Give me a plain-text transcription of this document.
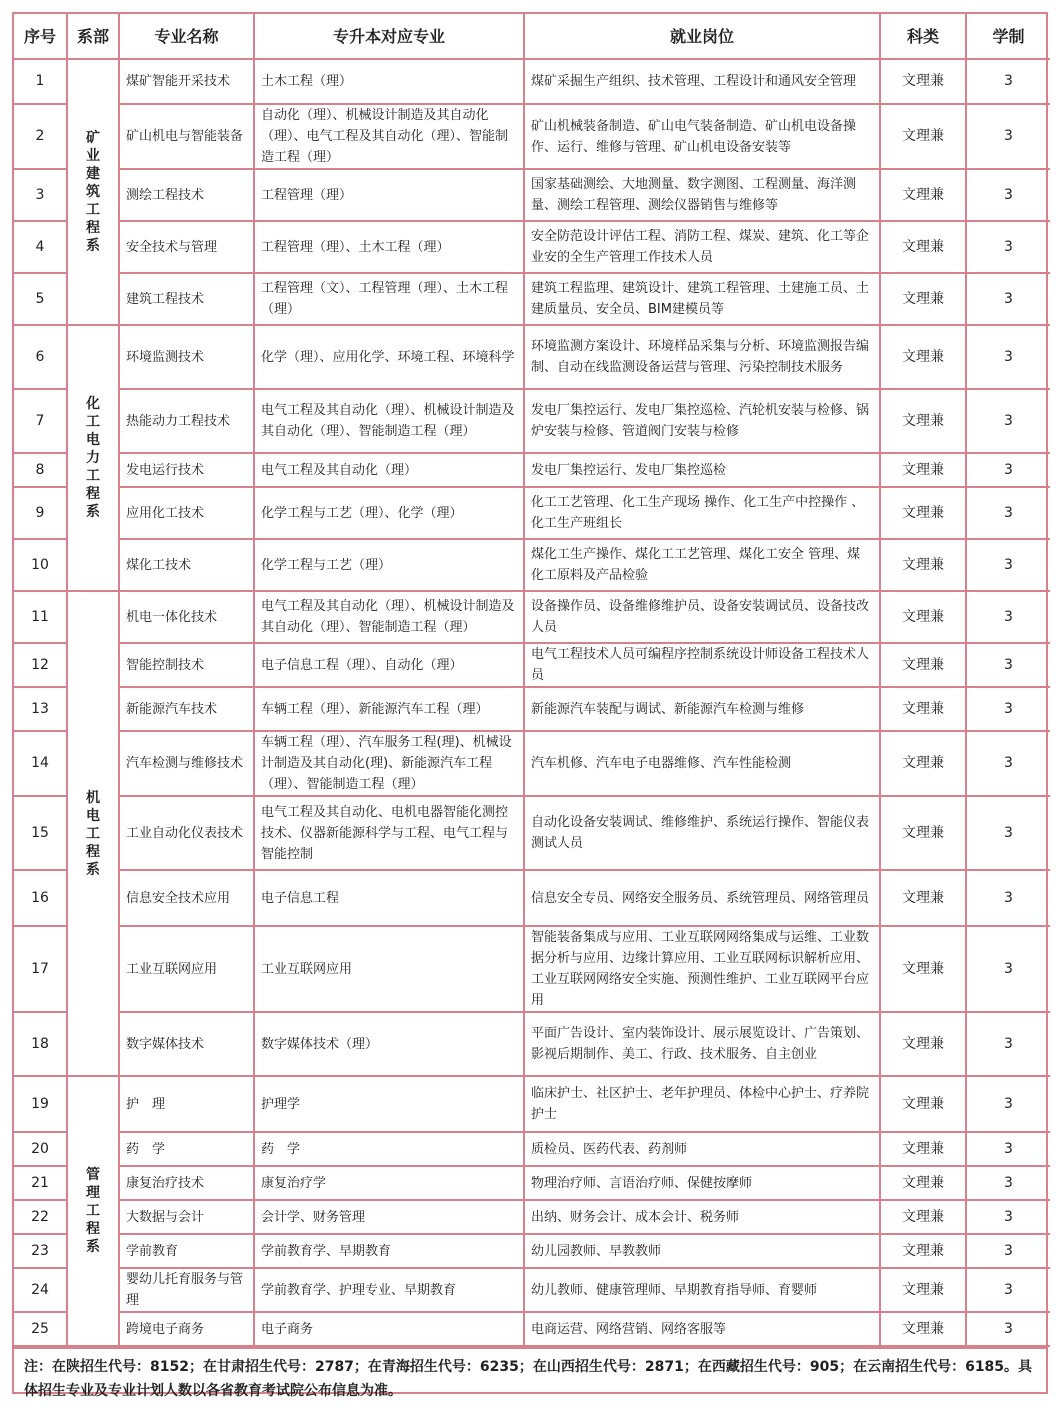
序号	系部	专业名称	专升本对应专业	就业岗位	科类	学制
1	矿业建筑工程系	煤矿智能开采技术	土木工程（理）	煤矿采掘生产组织、技术管理、工程设计和通风安全管理	文理兼	3
2		矿山机电与智能装备	自动化（理）、机械设计制造及其自动化（理）、电气工程及其自动化（理）、智能制造工程（理）	矿山机械装备制造、矿山电气装备制造、矿山机电设备操作、运行、维修与管理、矿山机电设备安装等	文理兼	3
3		测绘工程技术	工程管理（理）	国家基础测绘、大地测量、数字测图、工程测量、海洋测量、测绘工程管理、测绘仪器销售与维修等	文理兼	3
4		安全技术与管理	工程管理（理）、土木工程（理）	安全防范设计评估工程、消防工程、煤炭、建筑、化工等企业安的全生产管理工作技术人员	文理兼	3
5		建筑工程技术	工程管理（文）、工程管理（理）、土木工程（理）	建筑工程监理、建筑设计、建筑工程管理、土建施工员、土建质量员、安全员、BIM建模员等	文理兼	3
6	化工电力工程系	环境监测技术	化学（理）、应用化学、环境工程、环境科学	环境监测方案设计、环境样品采集与分析、环境监测报告编制、自动在线监测设备运营与管理、污染控制技术服务	文理兼	3
7		热能动力工程技术	电气工程及其自动化（理）、机械设计制造及其自动化（理）、智能制造工程（理）	发电厂集控运行、发电厂集控巡检、汽轮机安装与检修、锅炉安装与检修、管道阀门安装与检修	文理兼	3
8		发电运行技术	电气工程及其自动化（理）	发电厂集控运行、发电厂集控巡检	文理兼	3
9		应用化工技术	化学工程与工艺（理）、化学（理）	化工工艺管理、化工生产现场 操作、化工生产中控操作 、化工生产班组长	文理兼	3
10		煤化工技术	化学工程与工艺（理）	煤化工生产操作、煤化工工艺管理、煤化工安全 管理、煤化工原料及产品检验	文理兼	3
11	机电工程系	机电一体化技术	电气工程及其自动化（理）、机械设计制造及其自动化（理）、智能制造工程（理）	设备操作员、设备维修维护员、设备安装调试员、设备技改人员	文理兼	3
12		智能控制技术	电子信息工程（理）、自动化（理）	电气工程技术人员可编程序控制系统设计师设备工程技术人员	文理兼	3
13		新能源汽车技术	车辆工程（理）、新能源汽车工程（理）	新能源汽车装配与调试、新能源汽车检测与维修	文理兼	3
14		汽车检测与维修技术	车辆工程（理）、汽车服务工程(理)、机械设计制造及其自动化(理)、新能源汽车工程（理）、智能制造工程（理）	汽车机修、汽车电子电器维修、汽车性能检测	文理兼	3
15		工业自动化仪表技术	电气工程及其自动化、电机电器智能化测控技术、仪器新能源科学与工程、电气工程与智能控制	自动化设备安装调试、维修维护、系统运行操作、智能仪表测试人员	文理兼	3
16		信息安全技术应用	电子信息工程	信息安全专员、网络安全服务员、系统管理员、网络管理员	文理兼	3
17		工业互联网应用	工业互联网应用	智能装备集成与应用、工业互联网网络集成与运维、工业数据分析与应用、边缘计算应用、工业互联网标识解析应用、工业互联网网络安全实施、预测性维护、工业互联网平台应用	文理兼	3
18		数字媒体技术	数字媒体技术（理）	平面广告设计、室内装饰设计、展示展览设计、广告策划、影视后期制作、美工、行政、技术服务、自主创业	文理兼	3
19	管理工程系	护　理	护理学	临床护士、社区护士、老年护理员、体检中心护士、疗养院护士	文理兼	3
20		药　学	药　学	质检员、医药代表、药剂师	文理兼	3
21		康复治疗技术	康复治疗学	物理治疗师、言语治疗师、保健按摩师	文理兼	3
22		大数据与会计	会计学、财务管理	出纳、财务会计、成本会计、税务师	文理兼	3
23		学前教育	学前教育学、早期教育	幼儿园教师、早教教师	文理兼	3
24		婴幼儿托育服务与管理	学前教育学、护理专业、早期教育	幼儿教师、健康管理师、早期教育指导师、育婴师	文理兼	3
25		跨境电子商务	电子商务	电商运营、网络营销、网络客服等	文理兼	3
注：在陕招生代号：8152；在甘肃招生代号：2787；在青海招生代号：6235；在山西招生代号：2871；在西藏招生代号：905；在云南招生代号：6185。具体招生专业及专业计划人数以各省教育考试院公布信息为准。
